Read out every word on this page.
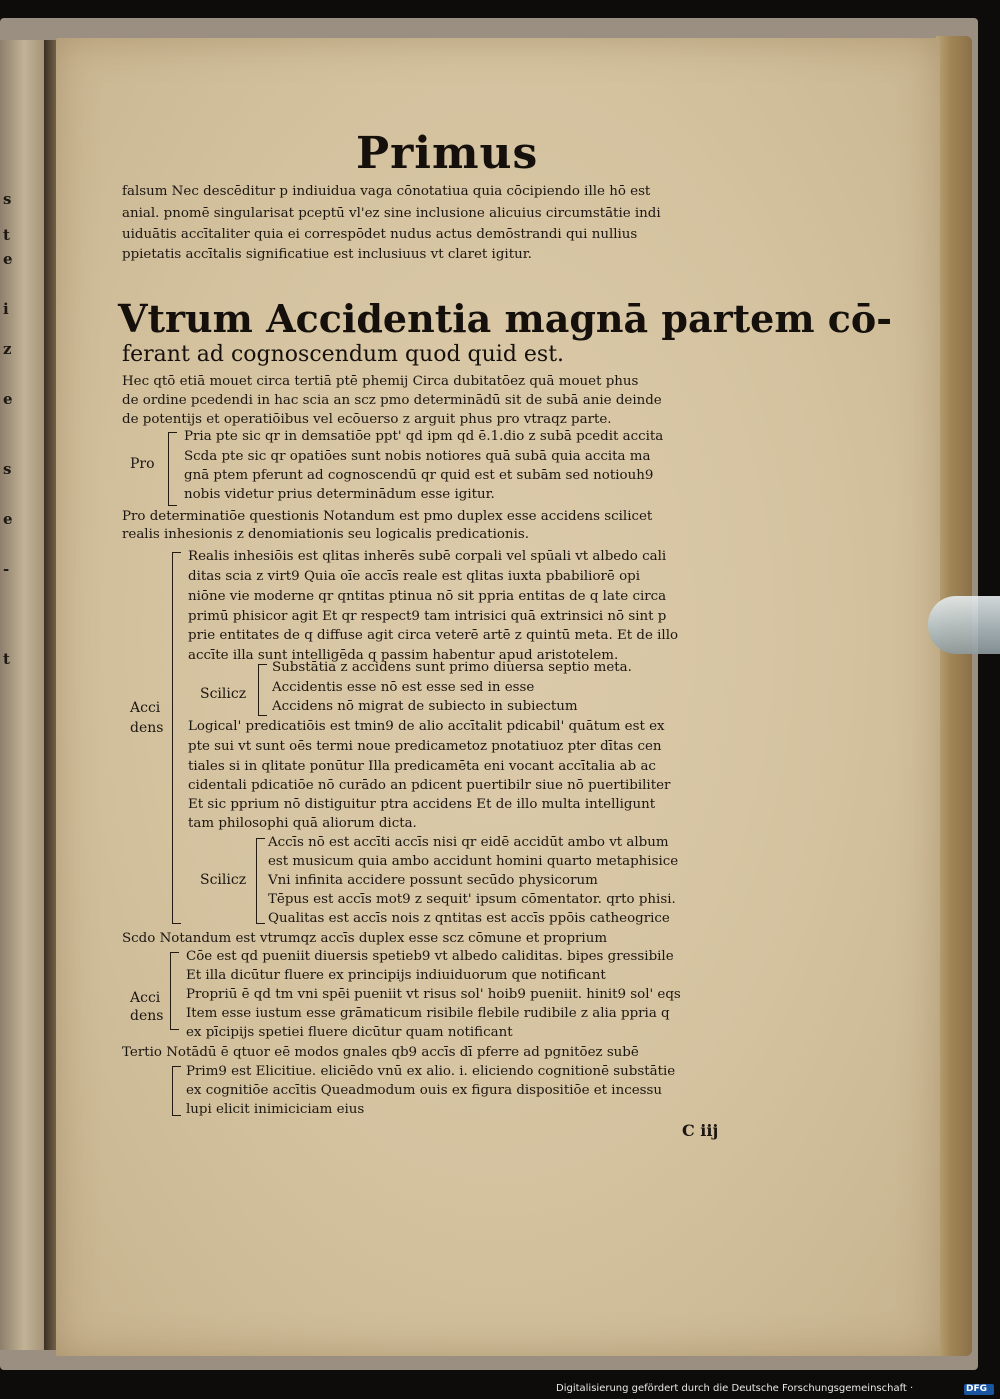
s
t
e
i
z
e
s
e
-
t
Primus
falsum Nec descēditur p indiuidua vaga cōnotatiua quia cōcipiendo ille hō est
anial. pnomē singularisat pceptū vl'ez sine inclusione alicuius circumstātie indi
uiduātis accītaliter quia ei correspōdet nudus actus demōstrandi qui nullius
ppietatis accītalis significatiue est inclusiuus vt claret igitur.
Vtrum Accidentia magnā partem cō-
ferant ad cognoscendum quod quid est.
Hec qtō etiā mouet circa tertiā ptē phemij Circa dubitatōez quā mouet phus
de ordine pcedendi in hac scia an scz pmo determinādū sit de subā anie deinde
de potentijs et operatiōibus vel ecōuerso z arguit phus pro vtraqz parte.
Pro
Pria pte sic qr in demsatiōe ppt' qd ipm qd ē.1.dio z subā pcedit accita
Scda pte sic qr opatiōes sunt nobis notiores quā subā quia accita ma
gnā ptem pferunt ad cognoscendū qr quid est et subām sed notiouh9
nobis videtur prius determinādum esse igitur.
Pro determinatiōe questionis Notandum est pmo duplex esse accidens scilicet
realis inhesionis z denomiationis seu logicalis predicationis.
Realis inhesiōis est qlitas inherēs subē corpali vel spūali vt albedo cali
ditas scia z virt9 Quia oīe accīs reale est qlitas iuxta pbabiliorē opi
niōne vie moderne qr qntitas ptinua nō sit ppria entitas de q late circa
primū phisicor agit Et qr respect9 tam intrisici quā extrinsici nō sint p
prie entitates de q diffuse agit circa veterē artē z quintū meta. Et de illo
accīte illa sunt intelligēda q passim habentur apud aristotelem.
Scilicz
Substātia z accidens sunt primo diuersa septio meta.
Accidentis esse nō est esse sed in esse
Accidens nō migrat de subiecto in subiectum
Acci
dens Logical' predicatiōis est tmin9 de alio accītalit pdicabil' quātum est ex
pte sui vt sunt oēs termi noue predicametoz pnotatiuoz pter dītas cen
tiales si in qlitate ponūtur Illa predicamēta eni vocant accītalia ab ac
cidentali pdicatiōe nō curādo an pdicent puertibilr siue nō puertibiliter
Et sic pprium nō distiguitur ptra accidens Et de illo multa intelligunt
tam philosophi quā aliorum dicta.
Scilicz
Accīs nō est accīti accīs nisi qr eidē accidūt ambo vt album
est musicum quia ambo accidunt homini quarto metaphisice
Vni infinita accidere possunt secūdo physicorum
Tēpus est accīs mot9 z sequit' ipsum cōmentator. qrto phisi.
Qualitas est accīs nois z qntitas est accīs ppōis catheogrice
Scdo Notandum est vtrumqz accīs duplex esse scz cōmune et proprium
Acci
dens
Cōe est qd pueniit diuersis spetieb9 vt albedo caliditas. bipes gressibile
Et illa dicūtur fluere ex principijs indiuiduorum que notificant
Propriū ē qd tm vni spēi pueniit vt risus sol' hoib9 pueniit. hinit9 sol' eqs
Item esse iustum esse grāmaticum risibile flebile rudibile z alia ppria q
ex pīcipijs spetiei fluere dicūtur quam notificant
Tertio Notādū ē qtuor eē modos gnales qb9 accīs dī pferre ad pgnitōez subē
Prim9 est Elicitiue. eliciēdo vnū ex alio. i. eliciendo cognitionē substātie
ex cognitiōe accītis Queadmodum ouis ex figura dispositiōe et incessu
lupi elicit inimiciciam eius
C iij
Digitalisierung gefördert durch die Deutsche Forschungsgemeinschaft ·	DFG
